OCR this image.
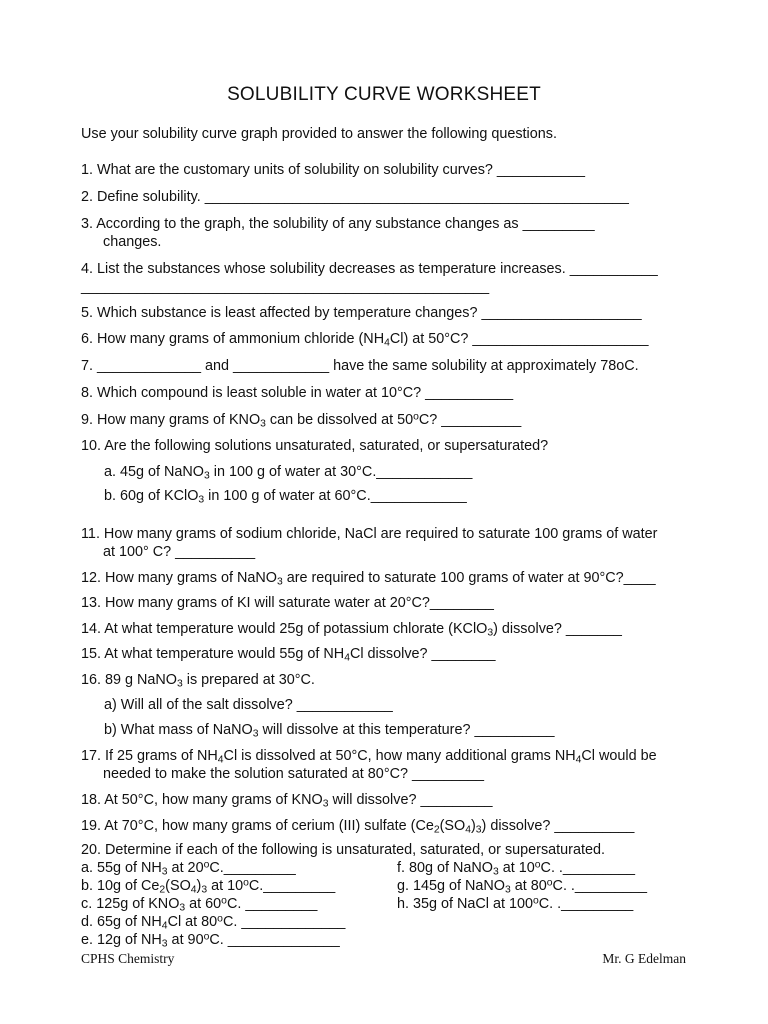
SOLUBILITY CURVE WORKSHEET
Use your solubility curve graph provided to answer the following questions.
1. What are the customary units of solubility on solubility curves? ___________
2. Define solubility. _____________________________________________________
3. According to the graph, the solubility of any substance changes as _________
changes.
4. List the substances whose solubility decreases as temperature increases. ___________
___________________________________________________
5. Which substance is least affected by temperature changes? ____________________
6. How many grams of ammonium chloride $(NH_4Cl)$ at 50°C? ______________________
7. _____________ and ____________ have the same solubility at approximately 78oC.
8. Which compound is least soluble in water at 10°C? ___________
9. How many grams of $KNO_3$ can be dissolved at 50$^o$C? __________
10. Are the following solutions unsaturated, saturated, or supersaturated?
a. 45g of NaNO$_3$ in 100 g of water at 30°C.____________
b. 60g of KClO$_3$ in 100 g of water at 60°C.____________
11. How many grams of sodium chloride, NaCl are required to saturate 100 grams of water
at 100° C? __________
12. How many grams of NaNO$_3$ are required to saturate 100 grams of water at 90°C?____
13. How many grams of KI will saturate water at 20°C?________
14. At what temperature would 25g of potassium chlorate (KClO$_3$) dissolve? _______
15. At what temperature would 55g of $NH_4Cl$ dissolve? ________
16. 89 g NaNO$_3$ is prepared at 30°C.
a) Will all of the salt dissolve? ____________
b) What mass of NaNO$_3$ will dissolve at this temperature? __________
17. If 25 grams of $NH_4Cl$ is dissolved at 50°C, how many additional grams $NH_4Cl$ would be
needed to make the solution saturated at 80°C? _________
18. At 50°C, how many grams of $KNO_3$ will dissolve? _________
19. At 70°C, how many grams of cerium (III) sulfate $(Ce_2(SO_4)_3)$ dissolve? __________
20. Determine if each of the following is unsaturated, saturated, or supersaturated.
a. 55g of $NH_3$ at 20$^o$C._________
b. 10g of $Ce_2(SO_4)_3$ at 10$^o$C._________
c. 125g of $KNO_3$ at 60$^o$C. _________
d. 65g of $NH_4Cl$ at 80$^o$C. _____________
e. 12g of $NH_3$ at 90$^o$C. ______________
f. 80g of NaNO$_3$ at 10$^o$C. ._________
g. 145g of NaNO$_3$ at 80$^o$C. ._________
h. 35g of NaCl at 100$^o$C. ._________
CPHS Chemistry	Mr. G Edelman
